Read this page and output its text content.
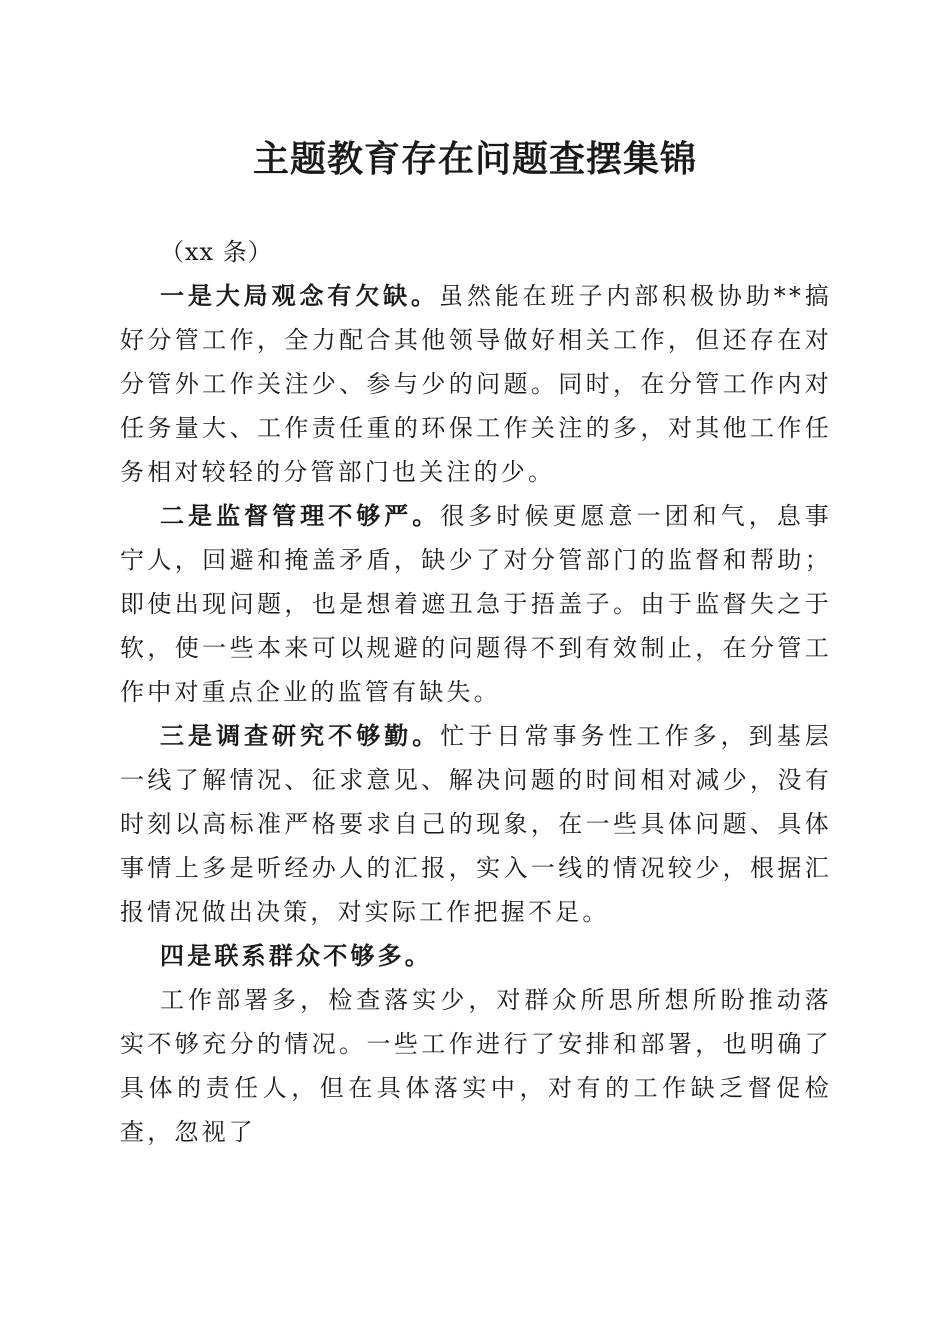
主题教育存在问题查摆集锦

（xx 条）

一是大局观念有欠缺。虽然能在班子内部积极协助**搞好分管工作，全力配合其他领导做好相关工作，但还存在对分管外工作关注少、参与少的问题。同时，在分管工作内对任务量大、工作责任重的环保工作关注的多，对其他工作任务相对较轻的分管部门也关注的少。

二是监督管理不够严。很多时候更愿意一团和气，息事宁人，回避和掩盖矛盾，缺少了对分管部门的监督和帮助；即使出现问题，也是想着遮丑急于捂盖子。由于监督失之于软，使一些本来可以规避的问题得不到有效制止，在分管工作中对重点企业的监管有缺失。

三是调查研究不够勤。忙于日常事务性工作多，到基层一线了解情况、征求意见、解决问题的时间相对减少，没有时刻以高标准严格要求自己的现象，在一些具体问题、具体事情上多是听经办人的汇报，实入一线的情况较少，根据汇报情况做出决策，对实际工作把握不足。

四是联系群众不够多。

工作部署多，检查落实少，对群众所思所想所盼推动落实不够充分的情况。一些工作进行了安排和部署，也明确了具体的责任人，但在具体落实中，对有的工作缺乏督促检查，忽视了
